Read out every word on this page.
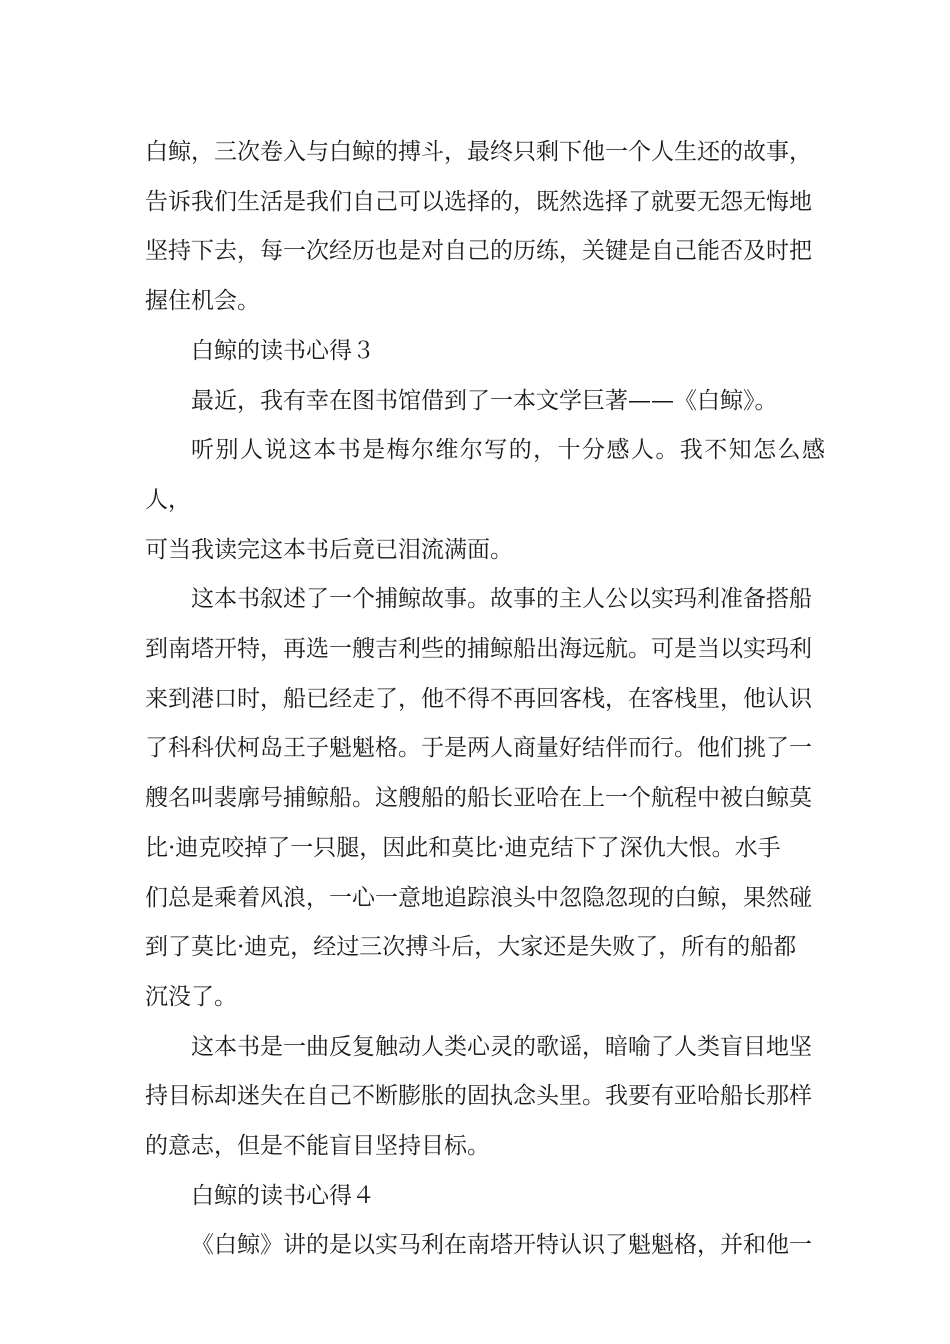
白鲸，三次卷入与白鲸的搏斗，最终只剩下他一个人生还的故事，
告诉我们生活是我们自己可以选择的，既然选择了就要无怨无悔地
坚持下去，每一次经历也是对自己的历练，关键是自己能否及时把
握住机会。

白鲸的读书心得３

最近，我有幸在图书馆借到了一本文学巨著——《白鲸》。

听别人说这本书是梅尔维尔写的，十分感人。我不知怎么感人，
可当我读完这本书后竟已泪流满面。

这本书叙述了一个捕鲸故事。故事的主人公以实玛利准备搭船
到南塔开特，再选一艘吉利些的捕鲸船出海远航。可是当以实玛利
来到港口时，船已经走了，他不得不再回客栈，在客栈里，他认识
了科科伏柯岛王子魁魁格。于是两人商量好结伴而行。他们挑了一
艘名叫裴廓号捕鲸船。这艘船的船长亚哈在上一个航程中被白鲸莫
比·迪克咬掉了一只腿，因此和莫比·迪克结下了深仇大恨。水手
们总是乘着风浪，一心一意地追踪浪头中忽隐忽现的白鲸，果然碰
到了莫比·迪克，经过三次搏斗后，大家还是失败了，所有的船都
沉没了。

这本书是一曲反复触动人类心灵的歌谣，暗喻了人类盲目地坚
持目标却迷失在自己不断膨胀的固执念头里。我要有亚哈船长那样
的意志，但是不能盲目坚持目标。

白鲸的读书心得４

《白鲸》讲的是以实马利在南塔开特认识了魁魁格，并和他一
